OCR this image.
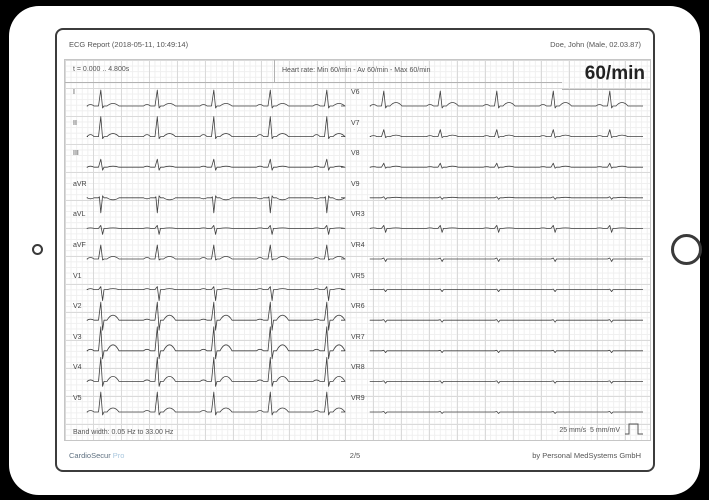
ECG Report (2018-05-11, 10:49:14)	Doe, John (Male, 02.03.87)
t = 0.000 .. 4.800s	Heart rate: Min 60/min - Av 60/min - Max 60/min	60/min
Band width: 0.05 Hz to 33.00 Hz	25 mm/s  5 mm/mV
I
II
III
aVR
aVL
aVF
V1
V2
V3
V4
V5
V6
V7
V8
V9
VR3
VR4
VR5
VR6
VR7
VR8
VR9
CardioSecur Pro	2/5	by Personal MedSystems GmbH
